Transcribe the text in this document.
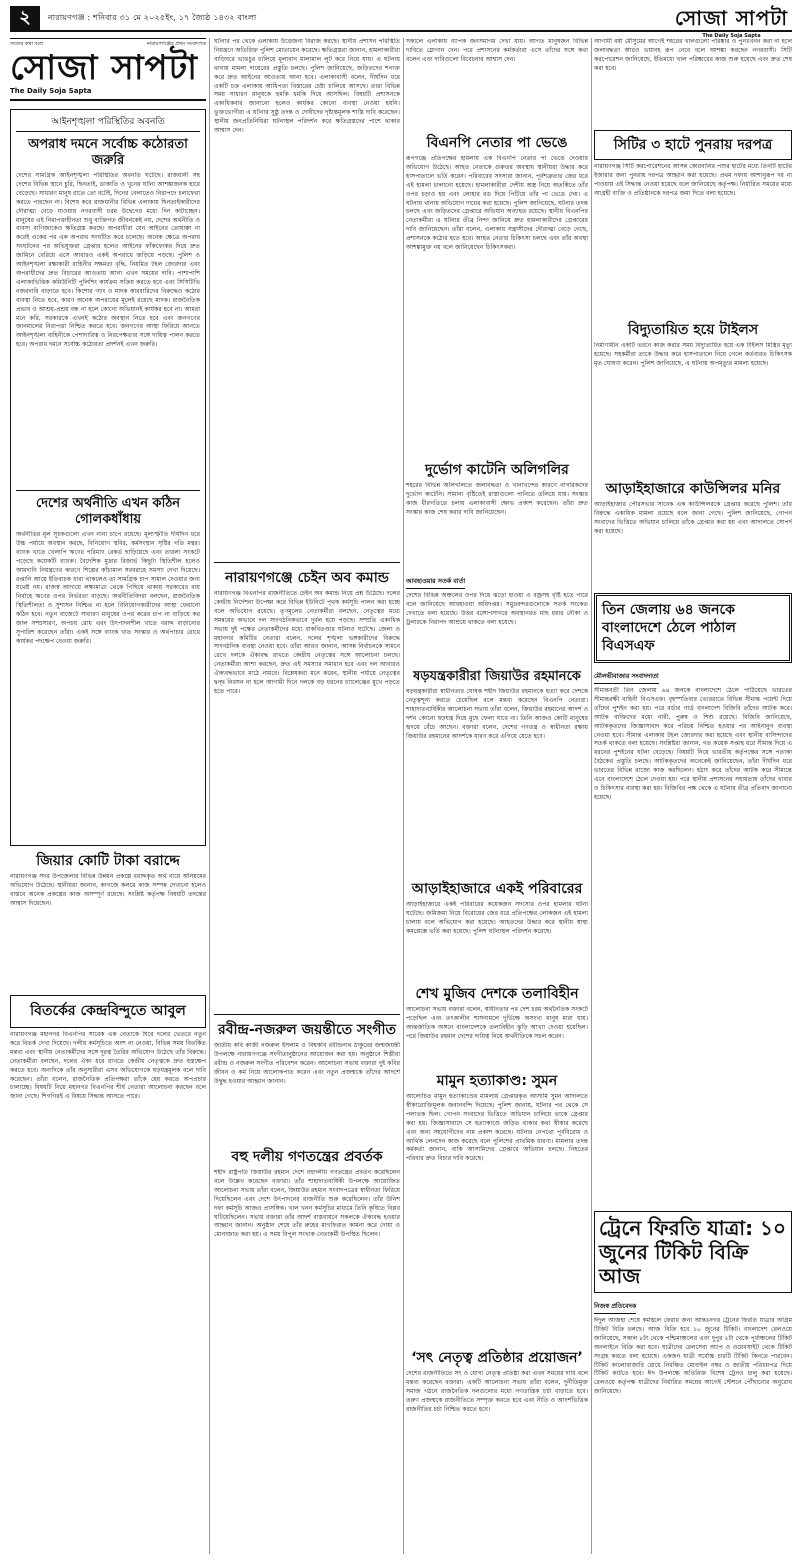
২	নারায়ণগঞ্জ : শনিবার ৩১ মে ২০২৫ইং, ১৭ জ্যৈষ্ঠ ১৪৩২ বাংলা	সোজা সাপটা
The Daily Soja Sapta
সত্যের কথা বলে	নারায়ণগঞ্জের প্রথম সংবাদপত্র
সোজা সাপটা
The Daily Soja Sapta
আইনশৃঙ্খলা পরিস্থিতির অবনতি
অপরাধ দমনে সর্বোচ্চ কঠোরতা জরুরি

দেশের সামগ্রিক আইনশৃঙ্খলা পরিস্থিতির অবনতি ঘটেছে। রাজধানী সহ দেশের বিভিন্ন স্থানে চুরি, ছিনতাই, ডাকাতি ও খুনের ঘটনা আশঙ্কাজনক হারে বেড়েছে। সাধারণ মানুষ রাতে তো বটেই, দিনের বেলাতেও নিরাপদে চলাফেরা করতে পারছেন না। বিশেষ করে রাজধানীর বিভিন্ন এলাকায় ছিনতাইকারীদের দৌরাত্ম্য বেড়ে যাওয়ায় নগরবাসী চরম উদ্বেগের মধ্যে দিন কাটাচ্ছেন। মানুষের এই নিরাপত্তাহীনতা শুধু ব্যক্তিগত জীবনকেই নয়, দেশের অর্থনীতি ও ব্যবসা বাণিজ্যকেও ক্ষতিগ্রস্ত করছে। অপরাধীরা যেন আইনের তোয়াক্কা না করেই একের পর এক অপরাধ সংঘটিত করে চলেছে। অনেক ক্ষেত্রে অপরাধ সংঘটনের পর অভিযুক্তরা গ্রেপ্তার হলেও আইনের ফাঁকফোকর দিয়ে দ্রুত জামিনে বেরিয়ে এসে আবারও একই অপরাধে জড়িয়ে পড়ছে। পুলিশ ও আইনশৃঙ্খলা রক্ষাকারী বাহিনীর সক্ষমতা বৃদ্ধি, নিয়মিত টহল জোরদার এবং অপরাধীদের দ্রুত বিচারের আওতায় আনা এখন সময়ের দাবি। পাশাপাশি এলাকাভিত্তিক কমিউনিটি পুলিশিং কার্যক্রম সক্রিয় করতে হবে এবং সিসিটিভি নজরদারি বাড়াতে হবে। কিশোর গ্যাং ও মাদক কারবারিদের বিরুদ্ধেও কঠোর ব্যবস্থা নিতে হবে, কারণ অনেক অপরাধের মূলেই রয়েছে মাদক। রাজনৈতিক প্রভাব ও আশ্রয়-প্রশ্রয় বন্ধ না হলে কোনো অভিযানই কার্যকর হবে না। আমরা মনে করি, সরকারকে এখনই কঠোর অবস্থান নিতে হবে এবং জনগণের জানমালের নিরাপত্তা নিশ্চিত করতে হবে। জনগণের আস্থা ফিরিয়ে আনতে আইনশৃঙ্খলা বাহিনীকে পেশাদারিত্ব ও নিরপেক্ষতার সঙ্গে দায়িত্ব পালন করতে হবে। অপরাধ দমনে সর্বোচ্চ কঠোরতা প্রদর্শনই এখন জরুরি।

দেশের অর্থনীতি এখন কঠিন গোলকধাঁধায়

অর্থনীতির মূল সূচকগুলো এখন নানা চাপে রয়েছে। মূল্যস্ফীতি দীর্ঘদিন ধরে উচ্চ পর্যায়ে অবস্থান করছে, বিনিয়োগ স্থবির, কর্মসংস্থান সৃষ্টির গতি মন্থর। ব্যাংক খাতে খেলাপি ঋণের পরিমাণ রেকর্ড ছাড়িয়েছে এবং তারল্য সংকটে পড়েছে কয়েকটি ব্যাংক। বৈদেশিক মুদ্রার রিজার্ভ কিছুটা স্থিতিশীল হলেও আমদানি নিয়ন্ত্রণের কারণে শিল্পের কাঁচামাল সরবরাহে সমস্যা দেখা দিয়েছে। রপ্তানি আয়ে ইতিবাচক ধারা থাকলেও তা সামগ্রিক চাপ সামাল দেওয়ার জন্য যথেষ্ট নয়। রাজস্ব আদায়ে লক্ষ্যমাত্রা থেকে পিছিয়ে থাকায় সরকারের ব্যয় নির্বাহে ঋণের ওপর নির্ভরতা বাড়ছে। অর্থনীতিবিদরা বলছেন, রাজনৈতিক স্থিতিশীলতা ও সুশাসন নিশ্চিত না হলে বিনিয়োগকারীদের আস্থা ফেরানো কঠিন হবে। নতুন বাজেটে সাধারণ মানুষের ওপর করের চাপ না বাড়িয়ে কর জাল সম্প্রসারণ, অপচয় রোধ এবং উৎপাদনশীল খাতে বরাদ্দ বাড়ানোর সুপারিশ করেছেন তাঁরা। একই সঙ্গে ব্যাংক খাত সংস্কার ও অর্থপাচার রোধে কার্যকর পদক্ষেপ নেওয়া জরুরি।

জিয়ার কোটি টাকা বরাদ্দে

নারায়ণগঞ্জ সদর উপজেলার বিভিন্ন উন্নয়ন প্রকল্পে বরাদ্দকৃত অর্থ ব্যয়ে অনিয়মের অভিযোগ উঠেছে। স্থানীয়রা জানান, কাগজে কলমে কাজ সম্পন্ন দেখানো হলেও বাস্তবে অনেক প্রকল্পের কাজ অসম্পূর্ণ রয়েছে। সংশ্লিষ্ট কর্তৃপক্ষ বিষয়টি তদন্তের আশ্বাস দিয়েছেন।

বিতর্কের কেন্দ্রবিন্দুতে আবুল

নারায়ণগঞ্জ মহানগর বিএনপির সাবেক এক নেতাকে ঘিরে দলের ভেতরে নতুন করে বিতর্ক দেখা দিয়েছে। দলীয় কর্মসূচিতে অংশ না নেওয়া, বিভিন্ন সময় বিতর্কিত মন্তব্য এবং স্থানীয় নেতাকর্মীদের সঙ্গে দূরত্ব তৈরির অভিযোগ উঠেছে তাঁর বিরুদ্ধে। নেতাকর্মীরা বলছেন, দলের ঐক্য ধরে রাখতে কেন্দ্রীয় নেতৃত্বকে দ্রুত হস্তক্ষেপ করতে হবে। অন্যদিকে তাঁর অনুসারীরা এসব অভিযোগকে ষড়যন্ত্রমূলক বলে দাবি করেছেন। তাঁরা বলেন, রাজনৈতিক প্রতিপক্ষরা তাঁকে হেয় করতে অপপ্রচার চালাচ্ছে। বিষয়টি নিয়ে মহানগর বিএনপির শীর্ষ নেতারা আলোচনা করছেন বলে জানা গেছে। শিগগিরই এ বিষয়ে সিদ্ধান্ত আসতে পারে।

ঘটনার পর থেকে এলাকায় উত্তেজনা বিরাজ করছে। স্থানীয় প্রশাসন পরিস্থিতি নিয়ন্ত্রণে অতিরিক্ত পুলিশ মোতায়েন করেছে। ক্ষতিগ্রস্তরা জানান, হামলাকারীরা বাড়িঘরে ভাঙচুর চালিয়ে মূল্যবান মালামাল লুট করে নিয়ে যায়। এ ঘটনায় থানায় মামলা দায়েরের প্রস্তুতি চলছে। পুলিশ জানিয়েছে, জড়িতদের শনাক্ত করে দ্রুত আইনের আওতায় আনা হবে। এলাকাবাসী বলেন, দীর্ঘদিন ধরে একটি চক্র এলাকায় আধিপত্য বিস্তারের চেষ্টা চালিয়ে আসছে। তারা বিভিন্ন সময় সাধারণ মানুষকে হুমকি ধমকি দিয়ে আসছিল। বিষয়টি প্রশাসনকে একাধিকবার জানানো হলেও কার্যকর কোনো ব্যবস্থা নেওয়া হয়নি। ভুক্তভোগীরা এ ঘটনার সুষ্ঠু তদন্ত ও দোষীদের দৃষ্টান্তমূলক শাস্তি দাবি করেছেন। স্থানীয় জনপ্রতিনিধিরা ঘটনাস্থল পরিদর্শন করে ক্ষতিগ্রস্তদের পাশে থাকার আশ্বাস দেন।

নারায়ণগঞ্জে চেইন অব কমান্ড

নারায়ণগঞ্জ বিএনপির রাজনীতিতে চেইন অব কমান্ড নিয়ে প্রশ্ন উঠেছে। দলের কেন্দ্রীয় নির্দেশনা উপেক্ষা করে বিভিন্ন ইউনিটে পৃথক কর্মসূচি পালন করা হচ্ছে বলে অভিযোগ রয়েছে। তৃণমূলের নেতাকর্মীরা বলছেন, নেতৃত্বের মধ্যে সমন্বয়ের অভাবে দল সাংগঠনিকভাবে দুর্বল হয়ে পড়ছে। সম্প্রতি একাধিক সভায় দুই পক্ষের নেতাকর্মীদের মধ্যে বাকবিতণ্ডার ঘটনাও ঘটেছে। জেলা ও মহানগর কমিটির নেতারা বলেন, দলের শৃঙ্খলা ভঙ্গকারীদের বিরুদ্ধে সাংগঠনিক ব্যবস্থা নেওয়া হবে। তাঁরা আরও জানান, আসন্ন নির্বাচনকে সামনে রেখে দলকে ঐক্যবদ্ধ রাখতে কেন্দ্রীয় নেতৃত্বের সঙ্গে আলোচনা চলছে। নেতাকর্মীরা আশা করছেন, দ্রুত এই সমস্যার সমাধান হবে এবং দল আবারও ঐক্যবদ্ধভাবে মাঠে নামবে। বিশ্লেষকরা মনে করেন, স্থানীয় পর্যায়ে নেতৃত্বের দ্বন্দ্ব নিরসন না হলে আগামী দিনে দলকে বড় ধরনের চ্যালেঞ্জের মুখে পড়তে হতে পারে।

রবীন্দ্র-নজরুল জয়ন্তীতে সংগীত

জাতীয় কবি কাজী নজরুল ইসলাম ও বিশ্বকবি রবীন্দ্রনাথ ঠাকুরের জন্মজয়ন্তী উপলক্ষে নারায়ণগঞ্জে সংগীতানুষ্ঠানের আয়োজন করা হয়। অনুষ্ঠানে শিল্পীরা রবীন্দ্র ও নজরুল সংগীত পরিবেশন করেন। আলোচনা সভায় বক্তারা দুই কবির জীবন ও কর্ম নিয়ে আলোকপাত করেন এবং নতুন প্রজন্মকে তাঁদের আদর্শে উদ্বুদ্ধ হওয়ার আহ্বান জানান।

বহু দলীয় গণতন্ত্রের প্রবর্তক

শহীদ রাষ্ট্রপতি জিয়াউর রহমান দেশে বহুদলীয় গণতন্ত্রের প্রবর্তন করেছিলেন বলে উল্লেখ করেছেন বক্তারা। তাঁর শাহাদাতবার্ষিকী উপলক্ষে আয়োজিত আলোচনা সভায় তাঁরা বলেন, জিয়াউর রহমান সংবাদপত্রের স্বাধীনতা ফিরিয়ে দিয়েছিলেন এবং দেশে উৎপাদনের রাজনীতি শুরু করেছিলেন। তাঁর উনিশ দফা কর্মসূচি আজও প্রাসঙ্গিক। খাল খনন কর্মসূচির মাধ্যমে তিনি কৃষিতে বিপ্লব ঘটিয়েছিলেন। সভায় বক্তারা তাঁর আদর্শ বাস্তবায়নে সকলকে ঐক্যবদ্ধ হওয়ার আহ্বান জানান। অনুষ্ঠান শেষে তাঁর রুহের মাগফিরাত কামনা করে দোয়া ও মোনাজাত করা হয়। এ সময় বিপুল সংখ্যক নেতাকর্মী উপস্থিত ছিলেন।

সকালে এলাকায় ব্যাপক জনসমাগম দেখা যায়। আগত মানুষজন বিভিন্ন দাবিতে স্লোগান দেন। পরে প্রশাসনের কর্মকর্তারা এসে তাঁদের সঙ্গে কথা বলেন এবং দাবিগুলো বিবেচনার আশ্বাস দেন।

বিএনপি নেতার পা ভেঙে

রূপগঞ্জে প্রতিপক্ষের হামলায় এক বিএনপি নেতার পা ভেঙে দেওয়ার অভিযোগ উঠেছে। আহত নেতাকে গুরুতর অবস্থায় স্থানীয়রা উদ্ধার করে হাসপাতালে ভর্তি করেন। পরিবারের সদস্যরা জানান, পূর্বশত্রুতার জের ধরে এই হামলা চালানো হয়েছে। হামলাকারীরা দেশীয় অস্ত্র নিয়ে অতর্কিতে তাঁর ওপর চড়াও হয় এবং লোহার রড দিয়ে পিটিয়ে তাঁর পা ভেঙে দেয়। এ ঘটনায় থানায় অভিযোগ দায়ের করা হয়েছে। পুলিশ জানিয়েছে, ঘটনার তদন্ত চলছে এবং জড়িতদের গ্রেপ্তারে অভিযান অব্যাহত রয়েছে। স্থানীয় বিএনপির নেতাকর্মীরা এ ঘটনার তীব্র নিন্দা জানিয়ে দ্রুত হামলাকারীদের গ্রেপ্তারের দাবি জানিয়েছেন। তাঁরা বলেন, এলাকায় সন্ত্রাসীদের দৌরাত্ম্য বেড়ে গেছে, প্রশাসনকে কঠোর হতে হবে। আহত নেতার চিকিৎসা চলছে এবং তাঁর অবস্থা আশঙ্কামুক্ত নয় বলে জানিয়েছেন চিকিৎসকরা।

দুর্ভোগ কাটেনি অলিগলির

শহরের বিভিন্ন অলিগলিতে জলাবদ্ধতা ও খানাখন্দের কারণে নাগরিকদের দুর্ভোগ কাটেনি। সামান্য বৃষ্টিতেই রাস্তাগুলো পানিতে তলিয়ে যায়। সংস্কার কাজ ধীরগতিতে চলায় এলাকাবাসী ক্ষোভ প্রকাশ করেছেন। তাঁরা দ্রুত সংস্কার কাজ শেষ করার দাবি জানিয়েছেন।

আবহাওয়ার সতর্ক বার্তা

দেশের বিভিন্ন অঞ্চলের ওপর দিয়ে ঝড়ো হাওয়া ও বজ্রসহ বৃষ্টি হতে পারে বলে জানিয়েছে আবহাওয়া অধিদপ্তর। সমুদ্রবন্দরগুলোকে সতর্ক সংকেত দেখাতে বলা হয়েছে। উত্তর বঙ্গোপসাগরে অবস্থানরত মাছ ধরার নৌকা ও ট্রলারকে নিরাপদ আশ্রয়ে থাকতে বলা হয়েছে।

ষড়যন্ত্রকারীরা জিয়াউর রহমানকে

ষড়যন্ত্রকারীরা স্বাধীনতার ঘোষক শহীদ জিয়াউর রহমানকে হত্যা করে দেশকে নেতৃত্বশূন্য করতে চেয়েছিল বলে মন্তব্য করেছেন বিএনপি নেতারা। শাহাদাতবার্ষিকীর আলোচনা সভায় তাঁরা বলেন, জিয়াউর রহমানের আদর্শ ও দর্শন কোনো ষড়যন্ত্র দিয়ে মুছে ফেলা যাবে না। তিনি আজও কোটি মানুষের হৃদয়ে বেঁচে আছেন। বক্তারা বলেন, দেশের গণতন্ত্র ও স্বাধীনতা রক্ষায় জিয়াউর রহমানের আদর্শকে ধারণ করে এগিয়ে যেতে হবে।

আড়াইহাজারে একই পরিবারের

আড়াইহাজারে একই পরিবারের কয়েকজন সদস্যের ওপর হামলার ঘটনা ঘটেছে। জমিজমা নিয়ে বিরোধের জের ধরে প্রতিপক্ষের লোকজন এই হামলা চালায় বলে অভিযোগ করা হয়েছে। আহতদের উদ্ধার করে স্থানীয় স্বাস্থ্য কমপ্লেক্সে ভর্তি করা হয়েছে। পুলিশ ঘটনাস্থল পরিদর্শন করেছে।

শেখ মুজিব দেশকে তলাবিহীন

আলোচনা সভায় বক্তারা বলেন, স্বাধীনতার পর দেশ চরম অর্থনৈতিক সংকটে পড়েছিল এবং তৎকালীন শাসনামলে দুর্ভিক্ষে অসংখ্য মানুষ মারা যায়। আন্তর্জাতিক অঙ্গনে বাংলাদেশকে তলাবিহীন ঝুড়ি আখ্যা দেওয়া হয়েছিল। পরে জিয়াউর রহমান দেশের দায়িত্ব নিয়ে অর্থনীতিকে সচল করেন।

মামুন হত্যাকাণ্ড: সুমন

আলোচিত মামুন হত্যাকাণ্ডের মামলায় গ্রেপ্তারকৃত আসামি সুমন আদালতে স্বীকারোক্তিমূলক জবানবন্দি দিয়েছে। পুলিশ জানায়, ঘটনার পর থেকে সে পলাতক ছিল। গোপন সংবাদের ভিত্তিতে অভিযান চালিয়ে তাকে গ্রেপ্তার করা হয়। জিজ্ঞাসাবাদে সে হত্যাকাণ্ডে জড়িত থাকার কথা স্বীকার করেছে এবং অন্য সহযোগীদের নাম প্রকাশ করেছে। ঘটনার নেপথ্যে পূর্ববিরোধ ও আর্থিক লেনদেন কাজ করেছে বলে পুলিশের প্রাথমিক ধারণা। মামলার তদন্ত কর্মকর্তা জানান, বাকি আসামিদের গ্রেপ্তারে অভিযান চলছে। নিহতের পরিবার দ্রুত বিচার দাবি করেছে।

‘সৎ নেতৃত্ব প্রতিষ্ঠার প্রয়োজন’

দেশের রাজনীতিতে সৎ ও যোগ্য নেতৃত্ব প্রতিষ্ঠা করা এখন সময়ের দাবি বলে মন্তব্য করেছেন বক্তারা। একটি আলোচনা সভায় তাঁরা বলেন, দুর্নীতিমুক্ত সমাজ গঠনে রাজনৈতিক দলগুলোর মধ্যে গণতান্ত্রিক চর্চা বাড়াতে হবে। তরুণ প্রজন্মকে রাজনীতিতে সম্পৃক্ত করতে হবে এবং নীতি ও আদর্শভিত্তিক রাজনীতির চর্চা নিশ্চিত করতে হবে।

আগামী বর্ষা মৌসুমের আগেই শহরের খালগুলো পরিষ্কার ও পুনঃখনন করা না হলে জলাবদ্ধতা আরও ভয়াবহ রূপ নেবে বলে আশঙ্কা করছেন নগরবাসী। সিটি করপোরেশন জানিয়েছে, ইতিমধ্যে খাল পরিষ্কারের কাজ শুরু হয়েছে এবং দ্রুত শেষ করা হবে।

সিটির ৩ হাটে পুনরায় দরপত্র

নারায়ণগঞ্জ সিটি করপোরেশনের আসন্ন কোরবানির পশুর হাটের মধ্যে তিনটি হাটের ইজারার জন্য পুনরায় দরপত্র আহ্বান করা হয়েছে। প্রথম দফায় আশানুরূপ দর না পাওয়ায় এই সিদ্ধান্ত নেওয়া হয়েছে বলে জানিয়েছে কর্তৃপক্ষ। নির্ধারিত সময়ের মধ্যে আগ্রহী ব্যক্তি ও প্রতিষ্ঠানকে দরপত্র জমা দিতে বলা হয়েছে।

বিদ্যুতায়িত হয়ে টাইলস

নির্মাণাধীন একটি ভবনে কাজ করার সময় বিদ্যুতায়িত হয়ে এক টাইলস মিস্ত্রির মৃত্যু হয়েছে। সহকর্মীরা তাকে উদ্ধার করে হাসপাতালে নিয়ে গেলে কর্তব্যরত চিকিৎসক মৃত ঘোষণা করেন। পুলিশ জানিয়েছে, এ ঘটনায় অপমৃত্যুর মামলা হয়েছে।

আড়াইহাজারে কাউন্সিলর মনির

আড়াইহাজার পৌরসভার সাবেক এক কাউন্সিলরকে গ্রেপ্তার করেছে পুলিশ। তাঁর বিরুদ্ধে একাধিক মামলা রয়েছে বলে জানা গেছে। পুলিশ জানিয়েছে, গোপন সংবাদের ভিত্তিতে অভিযান চালিয়ে তাঁকে গ্রেপ্তার করা হয় এবং আদালতে সোপর্দ করা হয়েছে।

তিন জেলায় ৬৪ জনকে বাংলাদেশে ঠেলে পাঠাল বিএসএফ
মৌলভীবাজার সংবাদদাতা

সীমান্তবর্তী তিন জেলায় ৬৪ জনকে বাংলাদেশে ঠেলে পাঠিয়েছে ভারতের সীমান্তরক্ষী বাহিনী বিএসএফ। বৃহস্পতিবার ভোররাতে বিভিন্ন সীমান্ত পয়েন্ট দিয়ে তাঁদের পুশইন করা হয়। পরে বর্ডার গার্ড বাংলাদেশ বিজিবি তাঁদের আটক করে। আটক ব্যক্তিদের মধ্যে নারী, পুরুষ ও শিশু রয়েছে। বিজিবি জানিয়েছে, আটককৃতদের জিজ্ঞাসাবাদ করে পরিচয় নিশ্চিত হওয়ার পর আইনানুগ ব্যবস্থা নেওয়া হবে। সীমান্ত এলাকায় টহল জোরদার করা হয়েছে এবং স্থানীয় বাসিন্দাদের সতর্ক থাকতে বলা হয়েছে। সংশ্লিষ্টরা জানান, গত কয়েক সপ্তাহ ধরে সীমান্ত দিয়ে এ ধরনের পুশইনের ঘটনা বেড়েছে। বিষয়টি নিয়ে ভারতীয় কর্তৃপক্ষের সঙ্গে পতাকা বৈঠকের প্রস্তুতি চলছে। আটককৃতদের অনেকেই জানিয়েছেন, তাঁরা দীর্ঘদিন ধরে ভারতের বিভিন্ন রাজ্যে কাজ করছিলেন। হঠাৎ করে তাঁদের আটক করে সীমান্তে এনে বাংলাদেশে ঠেলে দেওয়া হয়। পরে স্থানীয় প্রশাসনের সহায়তায় তাঁদের খাবার ও চিকিৎসার ব্যবস্থা করা হয়। বিজিবির পক্ষ থেকে এ ঘটনার তীব্র প্রতিবাদ জানানো হয়েছে।

ট্রেনে ফিরতি যাত্রা: ১০ জুনের টিকিট বিক্রি আজ
নিজস্ব প্রতিবেদক

ঈদুল আজহা শেষে কর্মস্থলে ফেরার জন্য আন্তঃনগর ট্রেনের ফিরতি যাত্রার অগ্রিম টিকিট বিক্রি চলছে। আজ বিক্রি হবে ১০ জুনের টিকিট। বাংলাদেশ রেলওয়ে জানিয়েছে, সকাল ৮টা থেকে পশ্চিমাঞ্চলের এবং দুপুর ২টা থেকে পূর্বাঞ্চলের টিকিট অনলাইনে বিক্রি করা হবে। যাত্রীদের রেলসেবা অ্যাপ ও ওয়েবসাইট থেকে টিকিট সংগ্রহ করতে বলা হয়েছে। একজন যাত্রী সর্বোচ্চ চারটি টিকিট কিনতে পারবেন। টিকিট কালোবাজারি রোধে নিবন্ধিত মোবাইল নম্বর ও জাতীয় পরিচয়পত্র দিয়ে টিকিট কাটতে হবে। ঈদ উপলক্ষে অতিরিক্ত বিশেষ ট্রেনও চালু করা হয়েছে। রেলওয়ে কর্তৃপক্ষ যাত্রীদের নির্ধারিত সময়ের আগেই স্টেশনে পৌঁছানোর অনুরোধ জানিয়েছে।
